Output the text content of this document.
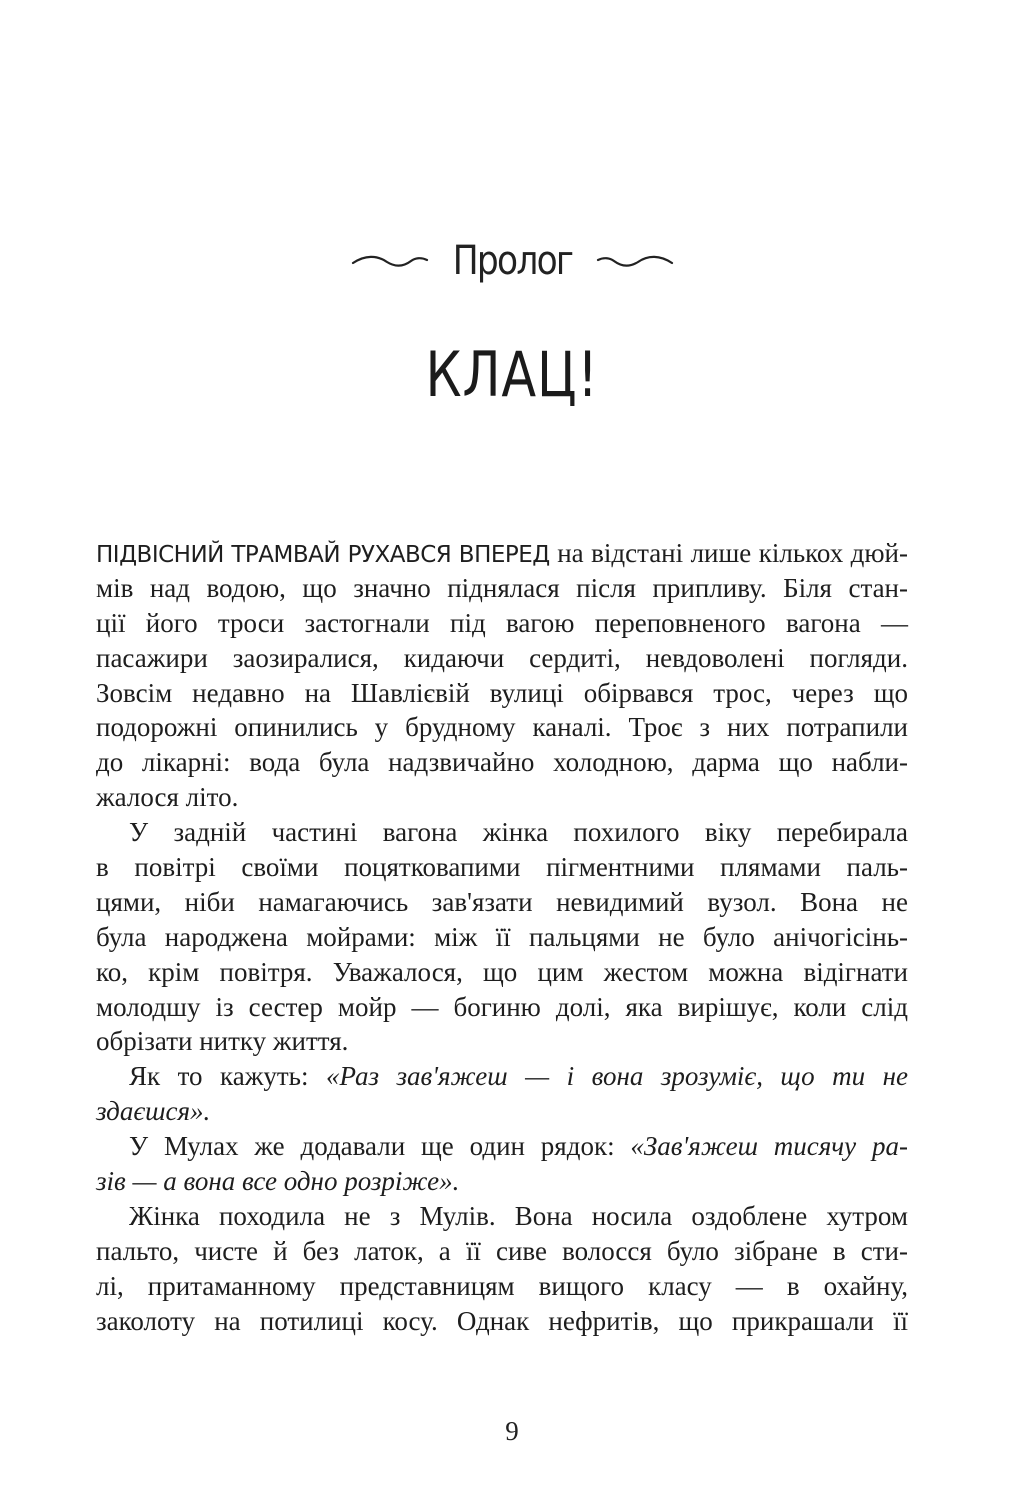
Пролог
КЛАЦ!
ПІДВІСНИЙ ТРАМВАЙ РУХАВСЯ ВПЕРЕД на відстані лише кількох дюй-
мів над водою, що значно піднялася після припливу. Біля стан-
ції його троси застогнали під вагою переповненого вагона —
пасажири заозиралися, кидаючи сердиті, невдоволені погляди.
Зовсім недавно на Шавлієвій вулиці обірвався трос, через що
подорожні опинились у брудному каналі. Троє з них потрапили
до лікарні: вода була надзвичайно холодною, дарма що набли-
жалося літо.
У задній частині вагона жінка похилого віку перебирала
в повітрі своїми поцятковапими пігментними плямами паль-
цями, ніби намагаючись зав'язати невидимий вузол. Вона не
була народжена мойрами: між її пальцями не було анічогісінь-
ко, крім повітря. Уважалося, що цим жестом можна відігнати
молодшу із сестер мойр — богиню долі, яка вирішує, коли слід
обрізати нитку життя.
Як то кажуть: «Раз зав'яжеш — і вона зрозуміє, що ти не
здаєшся».
У Мулах же додавали ще один рядок: «Зав'яжеш тисячу ра-
зів — а вона все одно розріже».
Жінка походила не з Мулів. Вона носила оздоблене хутром
пальто, чисте й без латок, а її сиве волосся було зібране в сти-
лі, притаманному представницям вищого класу — в охайну,
заколоту на потилиці косу. Однак нефритів, що прикрашали її
9
